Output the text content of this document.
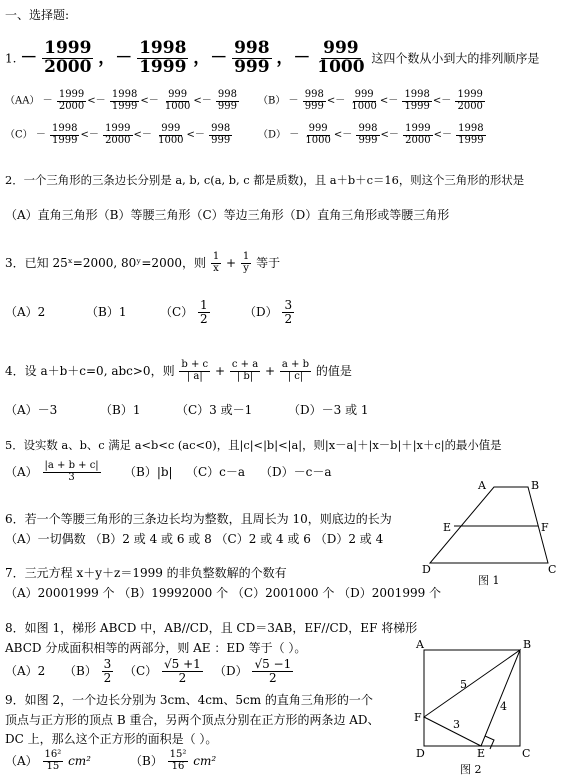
一、选择题:
1. － $\frac{1999}{2000}$ ，－ $\frac{1998}{1999}$ ，－ $\frac{998}{999}$ ，－ $\frac{999}{1000}$ 这四个数从小到大的排列顺序是
$(AA) - \frac{1999}{2000} <- \frac{1998}{1999} <- \frac{999}{1000} <- \frac{998}{999} (B) - \frac{998}{999} <- \frac{999}{1000} <- \frac{1998}{1999} <- \frac{1999}{2000}$
$(C) - \frac{1998}{1999} <- \frac{1999}{2000} <- \frac{999}{1000} <- \frac{998}{999}$	$(D) - \frac{999}{1000} <- \frac{998}{999} <- \frac{1999}{2000} <- \frac{1998}{1999}$
2．一个三角形的三条边长分别是 a, b, c(a, b, c 都是质数)，且 a＋b＋c＝16，则这个三角形的形状是
（A）直角三角形（B）等腰三角形（C）等边三角形（D）直角三角形或等腰三角形
3．已知 25ˣ=2000, 80ʸ=2000，则 $\frac{1}{x} + \frac{1}{y}$ 等于
（A）2	（B）1	$(C) \frac{1}{2}$	$(D) \frac{3}{2}$
4．设 a＋b＋c=0, abc>0，则 $\frac{b + c}{| a|} + \frac{c + a}{| b|} + \frac{a + b}{| c|}$ 的值是
（A）－3	（B）1	（C）3 或－1	（D）－3 或 1
5．设实数 a、b、c 满足 a<b<c (ac<0)，且|c|<|b|<|a|，则|x－a|＋|x－b|＋|x＋c|的最小值是
$(A) \frac{|a + b + c|}{3} (B)|b|$ （C）c－a （D）－c－a
6．若一个等腰三角形的三条边长均为整数，且周长为 10，则底边的长为
（A）一切偶数 （B）2 或 4 或 6 或 8 （C）2 或 4 或 6 （D）2 或 4
7．三元方程 x＋y＋z＝1999 的非负整数解的个数有
（A）20001999 个 （B）19992000 个 （C）2001000 个 （D）2001999 个
8．如图 1，梯形 ABCD 中，AB//CD，且 CD＝3AB，EF//CD，EF 将梯形
ABCD 分成面积相等的两部分，则 AE ：ED 等于（ ）。
（A）2 $(B) \frac{3}{2} (C) \frac{√5 +1}{2} (D) \frac{√5 -1}{2}$
9．如图 2，一个边长分别为 3cm、4cm、5cm 的直角三角形的一个
顶点与正方形的顶点 B 重合，另两个顶点分别在正方形的两条边 AD、
DC 上，那么这个正方形的面积是（ ）。
$(A) \frac{\text{16²}}{15} cm^2$	$(B) \frac{\text{15²}}{16} cm^2$
A	B
E	F
D	C
图 1
A	B
F
D	E	C
5
4
3
图 2
